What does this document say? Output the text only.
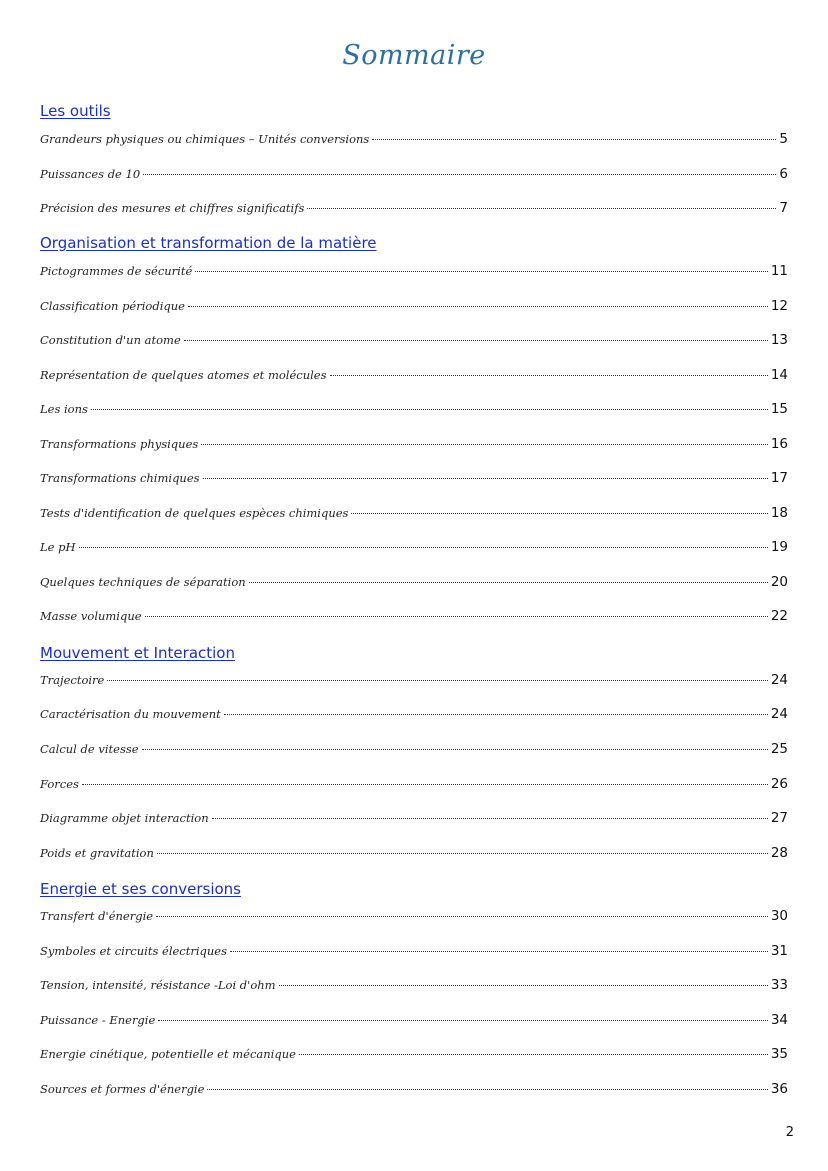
Sommaire
Les outils
Grandeurs physiques ou chimiques – Unités conversions	5
Puissances de 10	6
Précision des mesures et chiffres significatifs	7
Organisation et transformation de la matière
Pictogrammes de sécurité	11
Classification périodique	12
Constitution d'un atome	13
Représentation de quelques atomes et molécules	14
Les ions	15
Transformations physiques	16
Transformations chimiques	17
Tests d'identification de quelques espèces chimiques	18
Le pH	19
Quelques techniques de séparation	20
Masse volumique	22
Mouvement et Interaction
Trajectoire	24
Caractérisation du mouvement	24
Calcul de vitesse	25
Forces	26
Diagramme objet interaction	27
Poids et gravitation	28
Energie et ses conversions
Transfert d'énergie	30
Symboles et circuits électriques	31
Tension, intensité, résistance -Loi d'ohm	33
Puissance - Energie	34
Energie cinétique, potentielle et mécanique	35
Sources et formes d'énergie	36
2
